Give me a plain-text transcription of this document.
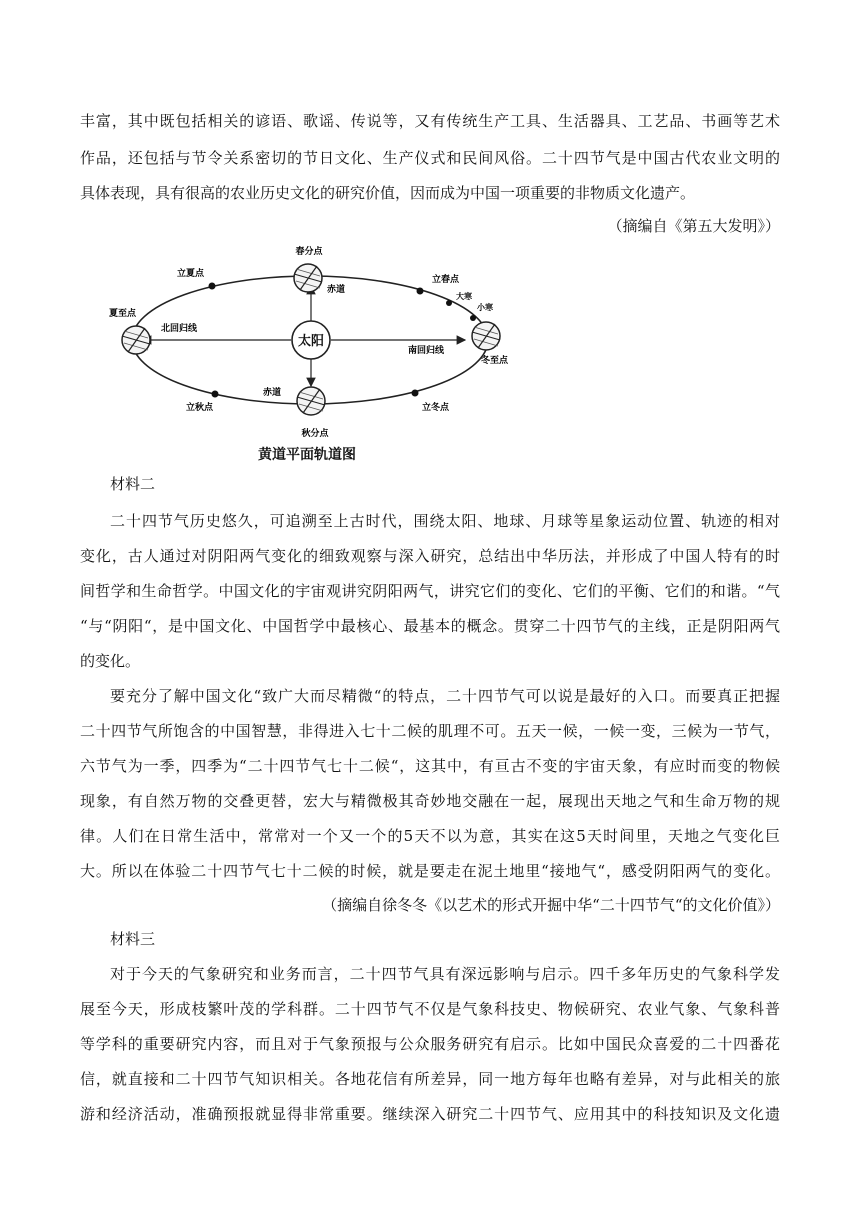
丰富，其中既包括相关的谚语、歌谣、传说等，又有传统生产工具、生活器具、工艺品、书画等艺术

作品，还包括与节令关系密切的节日文化、生产仪式和民间风俗。二十四节气是中国古代农业文明的

具体表现，具有很高的农业历史文化的研究价值，因而成为中国一项重要的非物质文化遗产。

（摘编自《第五大发明》）

太阳
春分点
秋分点
夏至点
冬至点
立夏点
立春点
立秋点	立冬点
大寒
小寒
赤道
赤道
北回归线
南回归线
黄道平面轨道图

材料二

二十四节气历史悠久，可追溯至上古时代，围绕太阳、地球、月球等星象运动位置、轨迹的相对

变化，古人通过对阴阳两气变化的细致观察与深入研究，总结出中华历法，并形成了中国人特有的时

间哲学和生命哲学。中国文化的宇宙观讲究阴阳两气，讲究它们的变化、它们的平衡、它们的和谐。“气

“与“阴阳“，是中国文化、中国哲学中最核心、最基本的概念。贯穿二十四节气的主线，正是阴阳两气

的变化。

要充分了解中国文化“致广大而尽精微“的特点，二十四节气可以说是最好的入口。而要真正把握

二十四节气所饱含的中国智慧，非得进入七十二候的肌理不可。五天一候，一候一变，三候为一节气，

六节气为一季，四季为“二十四节气七十二候“，这其中，有亘古不变的宇宙天象，有应时而变的物候

现象，有自然万物的交叠更替，宏大与精微极其奇妙地交融在一起，展现出天地之气和生命万物的规

律。人们在日常生活中，常常对一个又一个的5天不以为意，其实在这5天时间里，天地之气变化巨

大。所以在体验二十四节气七十二候的时候，就是要走在泥土地里“接地气“，感受阴阳两气的变化。

（摘编自徐冬冬《以艺术的形式开掘中华“二十四节气“的文化价值》）

材料三

对于今天的气象研究和业务而言，二十四节气具有深远影响与启示。四千多年历史的气象科学发

展至今天，形成枝繁叶茂的学科群。二十四节气不仅是气象科技史、物候研究、农业气象、气象科普

等学科的重要研究内容，而且对于气象预报与公众服务研究有启示。比如中国民众喜爱的二十四番花

信，就直接和二十四节气知识相关。各地花信有所差异，同一地方每年也略有差异，对与此相关的旅

游和经济活动，准确预报就显得非常重要。继续深入研究二十四节气、应用其中的科技知识及文化遗
